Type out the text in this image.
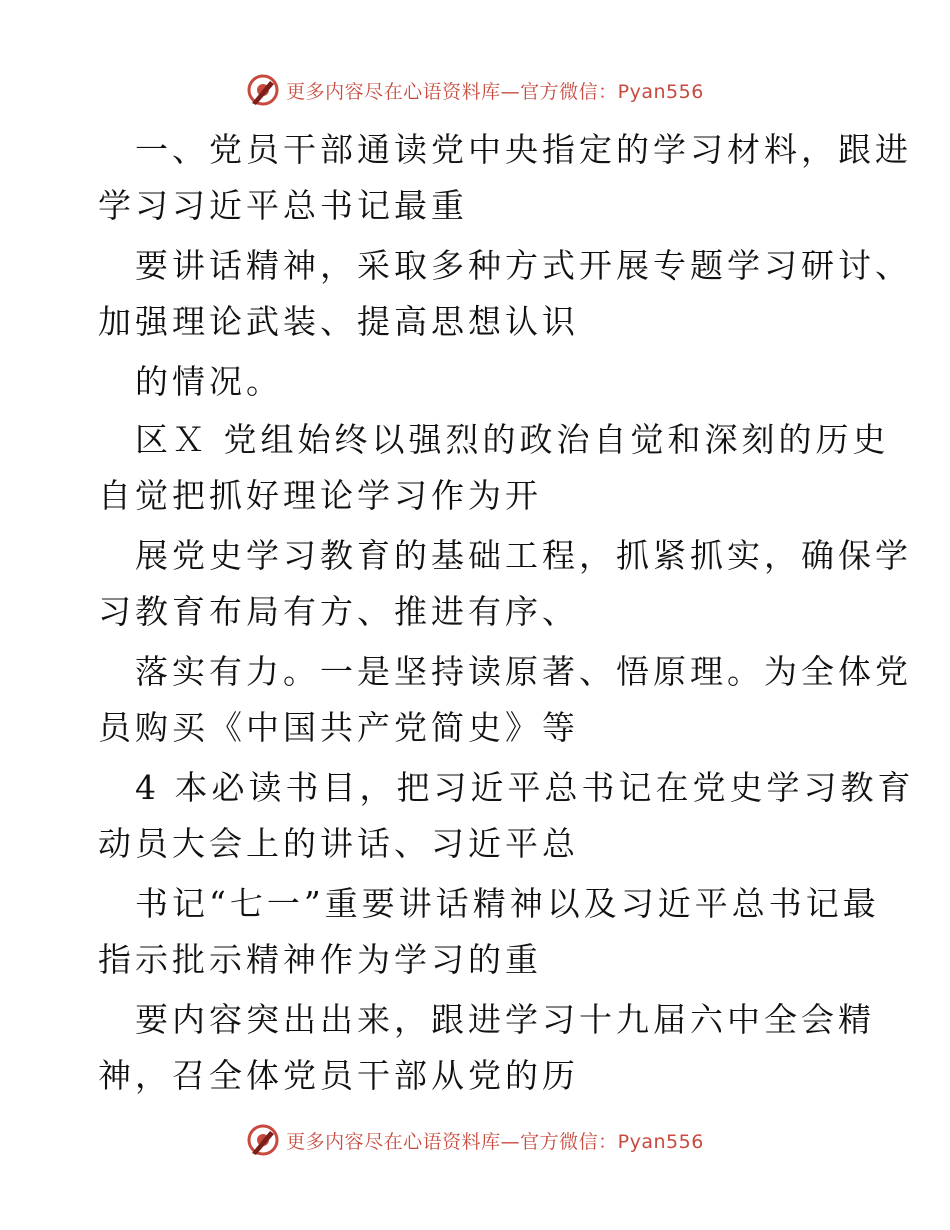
更多内容尽在心语资料库—官方微信：Pyan556
一、党员干部通读党中央指定的学习材料，跟进
学习习近平总书记最重
要讲话精神，采取多种方式开展专题学习研讨、
加强理论武装、提高思想认识
的情况。
区Ｘ 党组始终以强烈的政治自觉和深刻的历史
自觉把抓好理论学习作为开
展党史学习教育的基础工程，抓紧抓实，确保学
习教育布局有方、推进有序、
落实有力。一是坚持读原著、悟原理。为全体党
员购买《中国共产党简史》等
4 本必读书目，把习近平总书记在党史学习教育
动员大会上的讲话、习近平总
书记“七一”重要讲话精神以及习近平总书记最
指示批示精神作为学习的重
要内容突出出来，跟进学习十九届六中全会精
神，召全体党员干部从党的历
更多内容尽在心语资料库—官方微信：Pyan556
